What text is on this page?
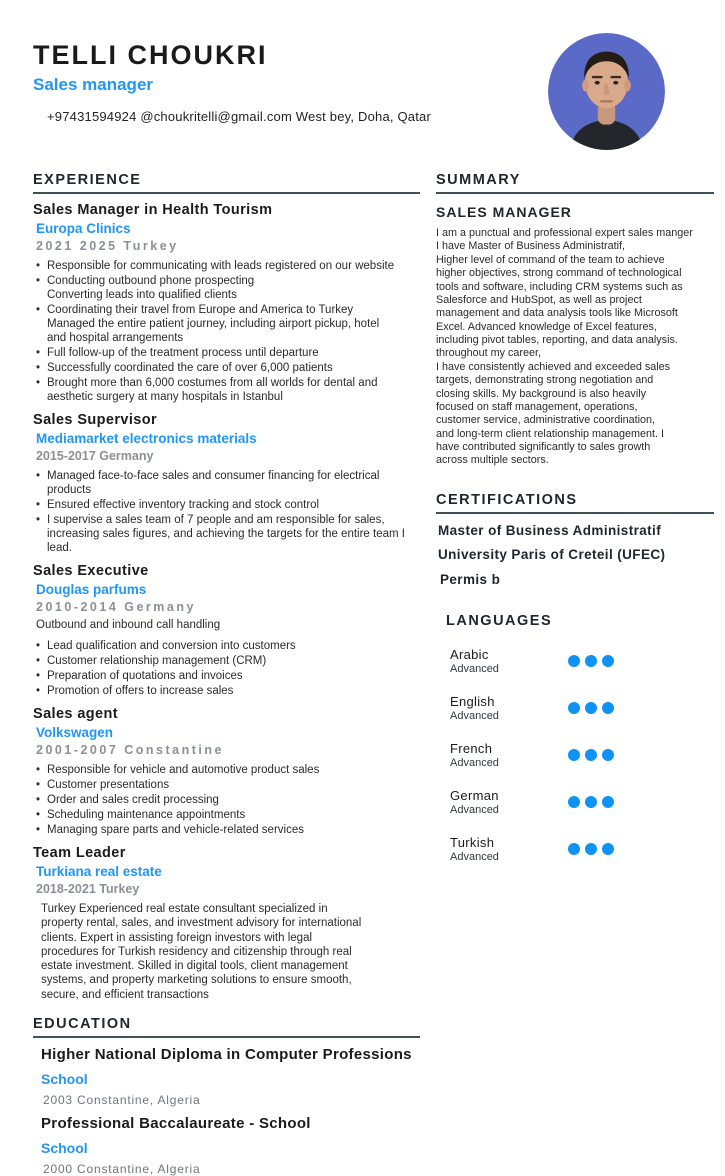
TELLI CHOUKRI
Sales manager
+97431594924 @choukritelli@gmail.com West bey, Doha, Qatar
EXPERIENCE
Sales Manager in Health Tourism
Europa Clinics
2021 2025 Turkey
• Responsible for communicating with leads registered on our website
• Conducting outbound phone prospecting
Converting leads into qualified clients
• Coordinating their travel from Europe and America to Turkey
Managed the entire patient journey, including airport pickup, hotel
and hospital arrangements
• Full follow-up of the treatment process until departure
• Successfully coordinated the care of over 6,000 patients
• Brought more than 6,000 costumes from all worlds for dental and
aesthetic surgery at many hospitals in Istanbul
Sales Supervisor
Mediamarket electronics materials
2015-2017 Germany
• Managed face-to-face sales and consumer financing for electrical
products
• Ensured effective inventory tracking and stock control
• I supervise a sales team of 7 people and am responsible for sales,
increasing sales figures, and achieving the targets for the entire team I lead.
Sales Executive
Douglas parfums
2010-2014 Germany
Outbound and inbound call handling
• Lead qualification and conversion into customers
• Customer relationship management (CRM)
• Preparation of quotations and invoices
• Promotion of offers to increase sales
Sales agent
Volkswagen
2001-2007 Constantine
• Responsible for vehicle and automotive product sales
• Customer presentations
• Order and sales credit processing
• Scheduling maintenance appointments
• Managing spare parts and vehicle-related services
Team Leader
Turkiana real estate
2018-2021 Turkey
Turkey Experienced real estate consultant specialized in
property rental, sales, and investment advisory for international
clients. Expert in assisting foreign investors with legal
procedures for Turkish residency and citizenship through real
estate investment. Skilled in digital tools, client management
systems, and property marketing solutions to ensure smooth,
secure, and efficient transactions
EDUCATION
Higher National Diploma in Computer Professions
School
2003 Constantine, Algeria
Professional Baccalaureate - School
School
2000 Constantine, Algeria
SUMMARY
SALES MANAGER

I am a punctual and professional expert sales manger
I have Master of Business Administratif,
Higher level of command of the team to achieve
higher objectives, strong command of technological
tools and software, including CRM systems such as
Salesforce and HubSpot, as well as project
management and data analysis tools like Microsoft
Excel. Advanced knowledge of Excel features,
including pivot tables, reporting, and data analysis.
throughout my career,
I have consistently achieved and exceeded sales
targets, demonstrating strong negotiation and
closing skills. My background is also heavily
focused on staff management, operations,
customer service, administrative coordination,
and long-term client relationship management. I
have contributed significantly to sales growth
across multiple sectors.

CERTIFICATIONS
Master of Business Administratif
University Paris of Creteil (UFEC)
Permis b
LANGUAGES
Arabic
Advanced
English
Advanced
French
Advanced
German
Advanced
Turkish
Advanced
